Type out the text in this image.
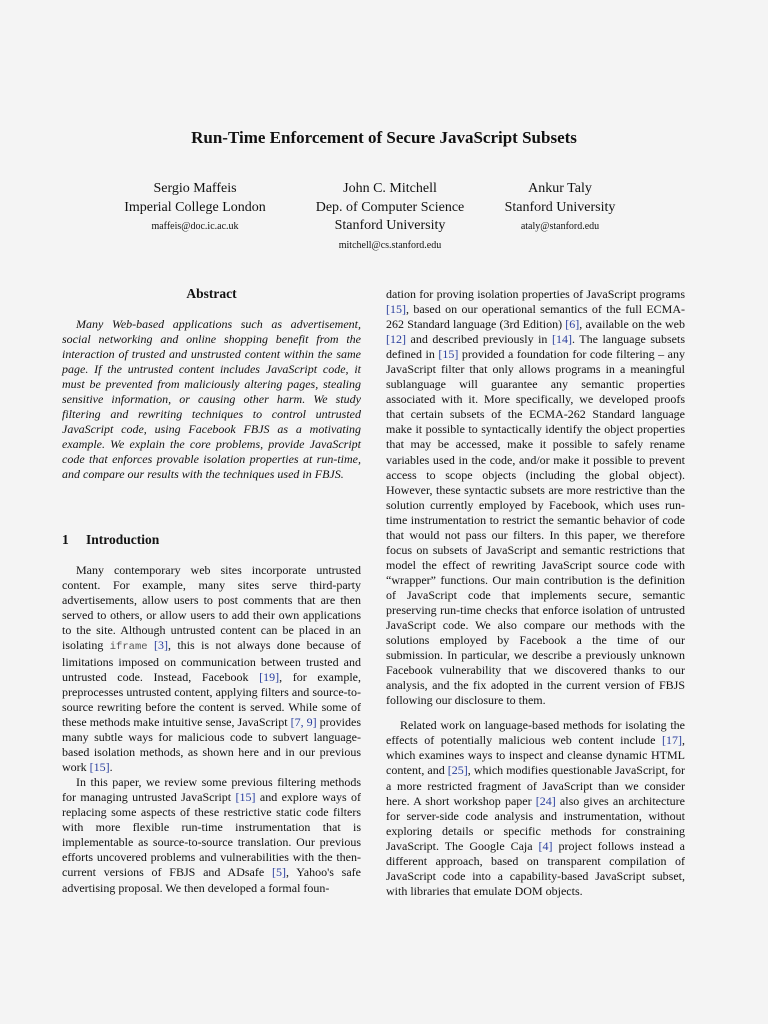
Run-Time Enforcement of Secure JavaScript Subsets
Sergio Maffeis
Imperial College London
maffeis@doc.ic.ac.uk
John C. Mitchell
Dep. of Computer Science
Stanford University
mitchell@cs.stanford.edu
Ankur Taly
Stanford University
ataly@stanford.edu
Abstract

Many Web-based applications such as advertisement, social networking and online shopping benefit from the interaction of trusted and unstrusted content within the same page. If the untrusted content includes JavaScript code, it must be prevented from maliciously altering pages, stealing sensitive information, or causing other harm. We study filtering and rewriting techniques to control untrusted JavaScript code, using Facebook FBJS as a motivating example. We explain the core problems, provide JavaScript code that enforces provable isolation properties at run-time, and compare our results with the techniques used in FBJS.

1 Introduction

Many contemporary web sites incorporate untrusted content. For example, many sites serve third-party advertisements, allow users to post comments that are then served to others, or allow users to add their own applications to the site. Although untrusted content can be placed in an isolating iframe [3], this is not always done because of limitations imposed on communication between trusted and untrusted code. Instead, Facebook [19], for example, preprocesses untrusted content, applying filters and source-to-source rewriting before the content is served. While some of these methods make intuitive sense, JavaScript [7, 9] provides many subtle ways for malicious code to subvert language-based isolation methods, as shown here and in our previous work [15].

In this paper, we review some previous filtering methods for managing untrusted JavaScript [15] and explore ways of replacing some aspects of these restrictive static code filters with more flexible run-time instrumentation that is implementable as source-to-source translation. Our previous efforts uncovered problems and vulnerabilities with the then-current versions of FBJS and ADsafe [5], Yahoo's safe advertising proposal. We then developed a formal foun-

dation for proving isolation properties of JavaScript programs [15], based on our operational semantics of the full ECMA-262 Standard language (3rd Edition) [6], available on the web [12] and described previously in [14]. The language subsets defined in [15] provided a foundation for code filtering – any JavaScript filter that only allows programs in a meaningful sublanguage will guarantee any semantic properties associated with it. More specifically, we developed proofs that certain subsets of the ECMA-262 Standard language make it possible to syntactically identify the object properties that may be accessed, make it possible to safely rename variables used in the code, and/or make it possible to prevent access to scope objects (including the global object). However, these syntactic subsets are more restrictive than the solution currently employed by Facebook, which uses run-time instrumentation to restrict the semantic behavior of code that would not pass our filters. In this paper, we therefore focus on subsets of JavaScript and semantic restrictions that model the effect of rewriting JavaScript source code with “wrapper” functions. Our main contribution is the definition of JavaScript code that implements secure, semantic preserving run-time checks that enforce isolation of untrusted JavaScript code. We also compare our methods with the solutions employed by Facebook a the time of our submission. In particular, we describe a previously unknown Facebook vulnerability that we discovered thanks to our analysis, and the fix adopted in the current version of FBJS following our disclosure to them.

Related work on language-based methods for isolating the effects of potentially malicious web content include [17], which examines ways to inspect and cleanse dynamic HTML content, and [25], which modifies questionable JavaScript, for a more restricted fragment of JavaScript than we consider here. A short workshop paper [24] also gives an architecture for server-side code analysis and instrumentation, without exploring details or specific methods for constraining JavaScript. The Google Caja [4] project follows instead a different approach, based on transparent compilation of JavaScript code into a capability-based JavaScript subset, with libraries that emulate DOM objects.
